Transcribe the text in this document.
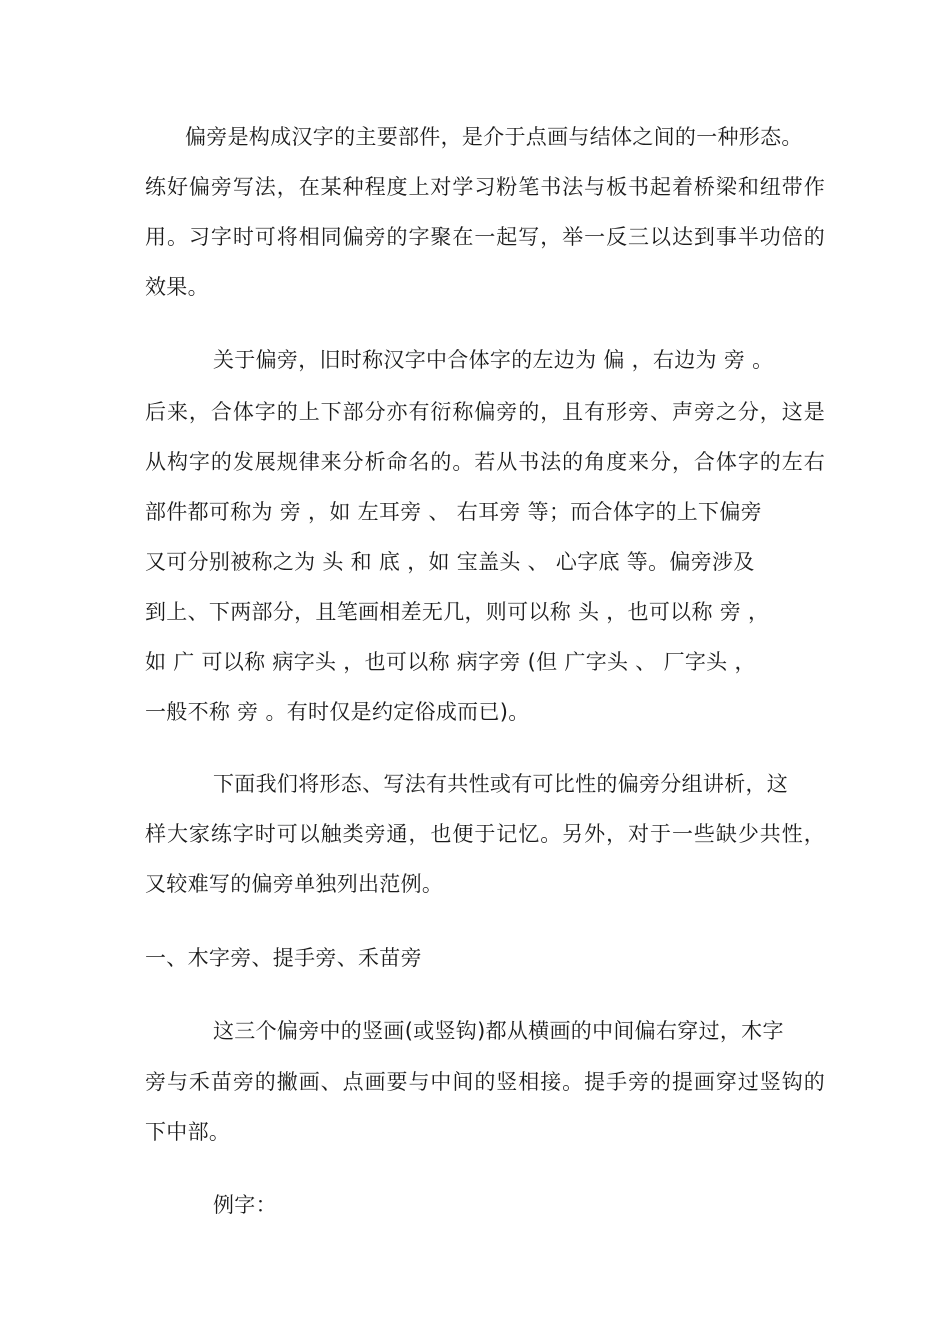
偏旁是构成汉字的主要部件，是介于点画与结体之间的一种形态。
练好偏旁写法，在某种程度上对学习粉笔书法与板书起着桥梁和纽带作
用。习字时可将相同偏旁的字聚在一起写，举一反三以达到事半功倍的
效果。
关于偏旁，旧时称汉字中合体字的左边为 偏 ，右边为 旁 。
后来，合体字的上下部分亦有衍称偏旁的，且有形旁、声旁之分，这是
从构字的发展规律来分析命名的。若从书法的角度来分，合体字的左右
部件都可称为 旁 ，如 左耳旁 、 右耳旁 等；而合体字的上下偏旁
又可分别被称之为 头 和 底 ，如 宝盖头 、 心字底 等。偏旁涉及
到上、下两部分，且笔画相差无几，则可以称 头 ，也可以称 旁 ，
如 广 可以称 病字头 ，也可以称 病字旁 (但 广字头 、 厂字头 ，
一般不称 旁 。有时仅是约定俗成而已)。
下面我们将形态、写法有共性或有可比性的偏旁分组讲析，这
样大家练字时可以触类旁通，也便于记忆。另外，对于一些缺少共性，
又较难写的偏旁单独列出范例。
一、木字旁、提手旁、禾苗旁
这三个偏旁中的竖画(或竖钩)都从横画的中间偏右穿过，木字
旁与禾苗旁的撇画、点画要与中间的竖相接。提手旁的提画穿过竖钩的
下中部。
例字：
